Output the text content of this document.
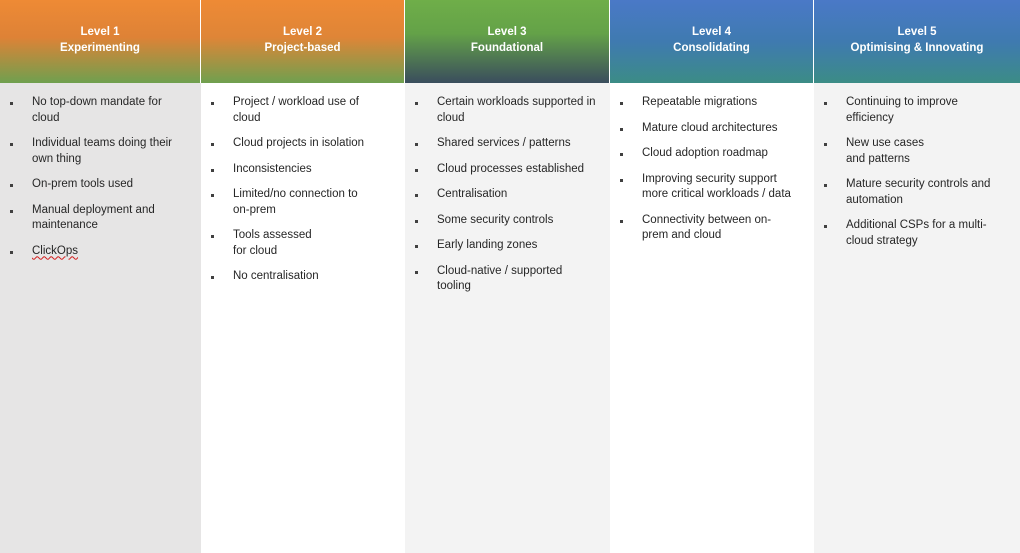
Level 1
Experimenting
No top-down mandate for cloud
Individual teams doing their own thing
On-prem tools used
Manual deployment and maintenance
ClickOps
Level 2
Project-based
Project / workload use of cloud
Cloud projects in isolation
Inconsistencies
Limited/no connection to on-prem
Tools assessed for cloud
No centralisation
Level 3
Foundational
Certain workloads supported in cloud
Shared services / patterns
Cloud processes established
Centralisation
Some security controls
Early landing zones
Cloud-native / supported tooling
Level 4
Consolidating
Repeatable migrations
Mature cloud architectures
Cloud adoption roadmap
Improving security support more critical workloads / data
Connectivity between on-prem and cloud
Level 5
Optimising & Innovating
Continuing to improve efficiency
New use cases and patterns
Mature security controls and automation
Additional CSPs for a multi-cloud strategy
